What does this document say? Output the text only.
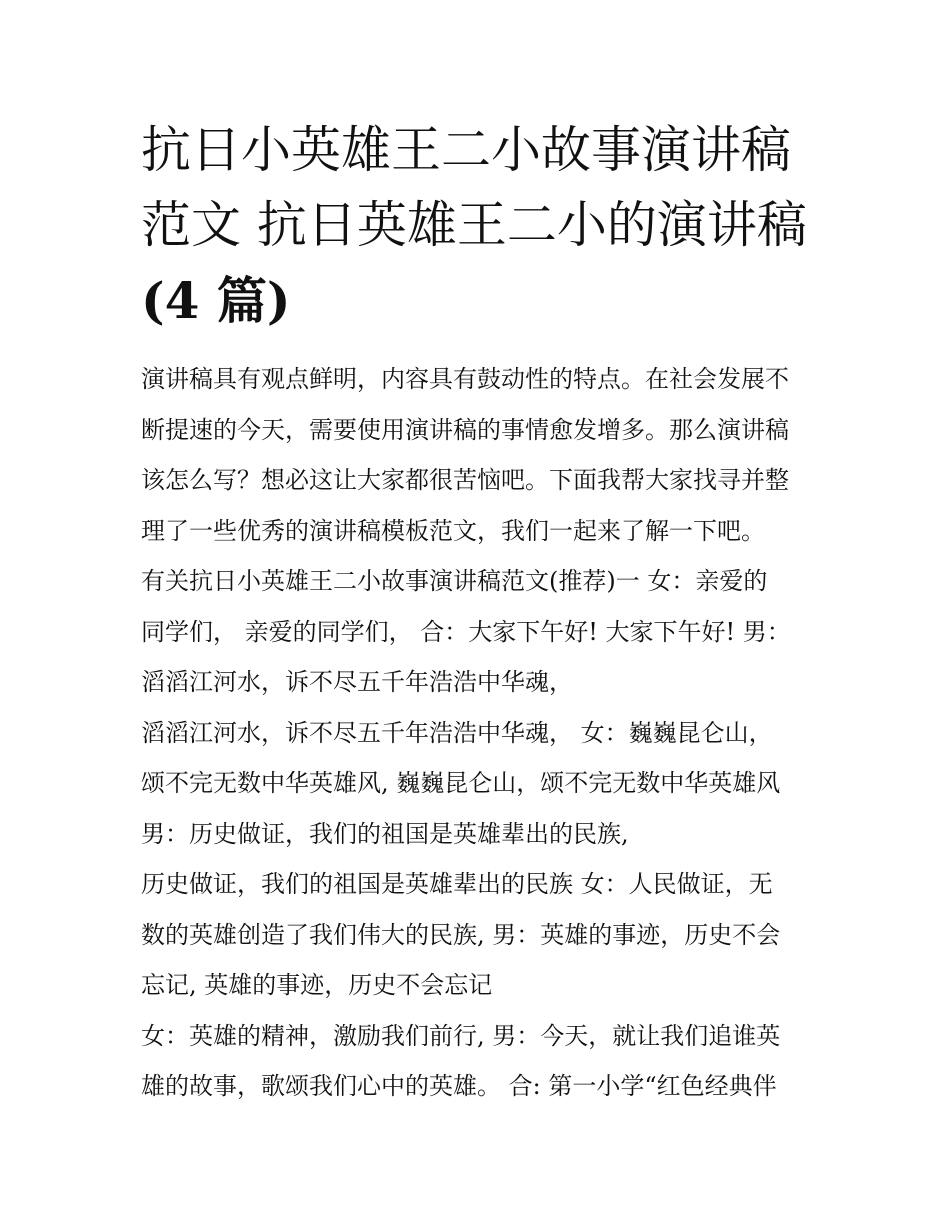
抗日小英雄王二小故事演讲稿
范文 抗日英雄王二小的演讲稿
(4 篇)
演讲稿具有观点鲜明，内容具有鼓动性的特点。在社会发展不
断提速的今天，需要使用演讲稿的事情愈发增多。那么演讲稿
该怎么写？想必这让大家都很苦恼吧。下面我帮大家找寻并整
理了一些优秀的演讲稿模板范文，我们一起来了解一下吧。
有关抗日小英雄王二小故事演讲稿范文(推荐)一 女：亲爱的
同学们， 亲爱的同学们， 合：大家下午好! 大家下午好! 男：
滔滔江河水，诉不尽五千年浩浩中华魂，
滔滔江河水，诉不尽五千年浩浩中华魂， 女：巍巍昆仑山，
颂不完无数中华英雄风, 巍巍昆仑山，颂不完无数中华英雄风
男：历史做证，我们的祖国是英雄辈出的民族,
历史做证，我们的祖国是英雄辈出的民族 女：人民做证，无
数的英雄创造了我们伟大的民族, 男：英雄的事迹，历史不会
忘记, 英雄的事迹，历史不会忘记
女：英雄的精神，激励我们前行, 男：今天，就让我们追谁英
雄的故事，歌颂我们心中的英雄。 合: 第一小学“红色经典伴
